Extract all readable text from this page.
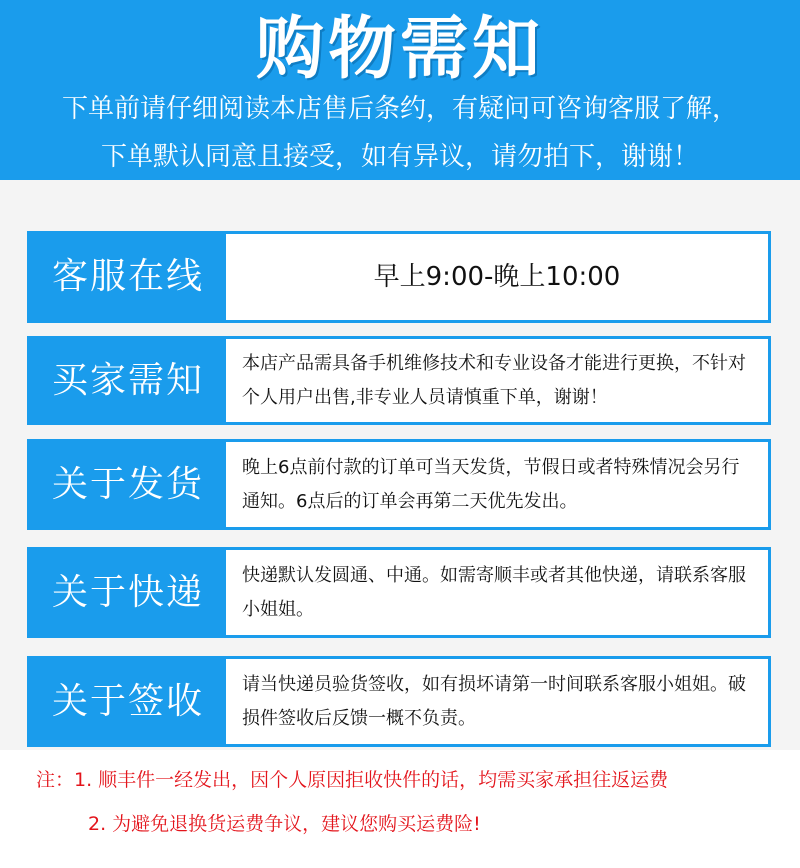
购物需知
下单前请仔细阅读本店售后条约，有疑问可咨询客服了解，
下单默认同意且接受，如有异议，请勿拍下，谢谢！
客服在线	早上9:00-晚上10:00
买家需知	本店产品需具备手机维修技术和专业设备才能进行更换，不针对个人用户出售,非专业人员请慎重下单，谢谢！
关于发货	晚上6点前付款的订单可当天发货，节假日或者特殊情况会另行通知。6点后的订单会再第二天优先发出。
关于快递	快递默认发圆通、中通。如需寄顺丰或者其他快递，请联系客服小姐姐。
关于签收	请当快递员验货签收，如有损坏请第一时间联系客服小姐姐。破损件签收后反馈一概不负责。
注：1. 顺丰件一经发出，因个人原因拒收快件的话，均需买家承担往返运费
2. 为避免退换货运费争议，建议您购买运费险!
